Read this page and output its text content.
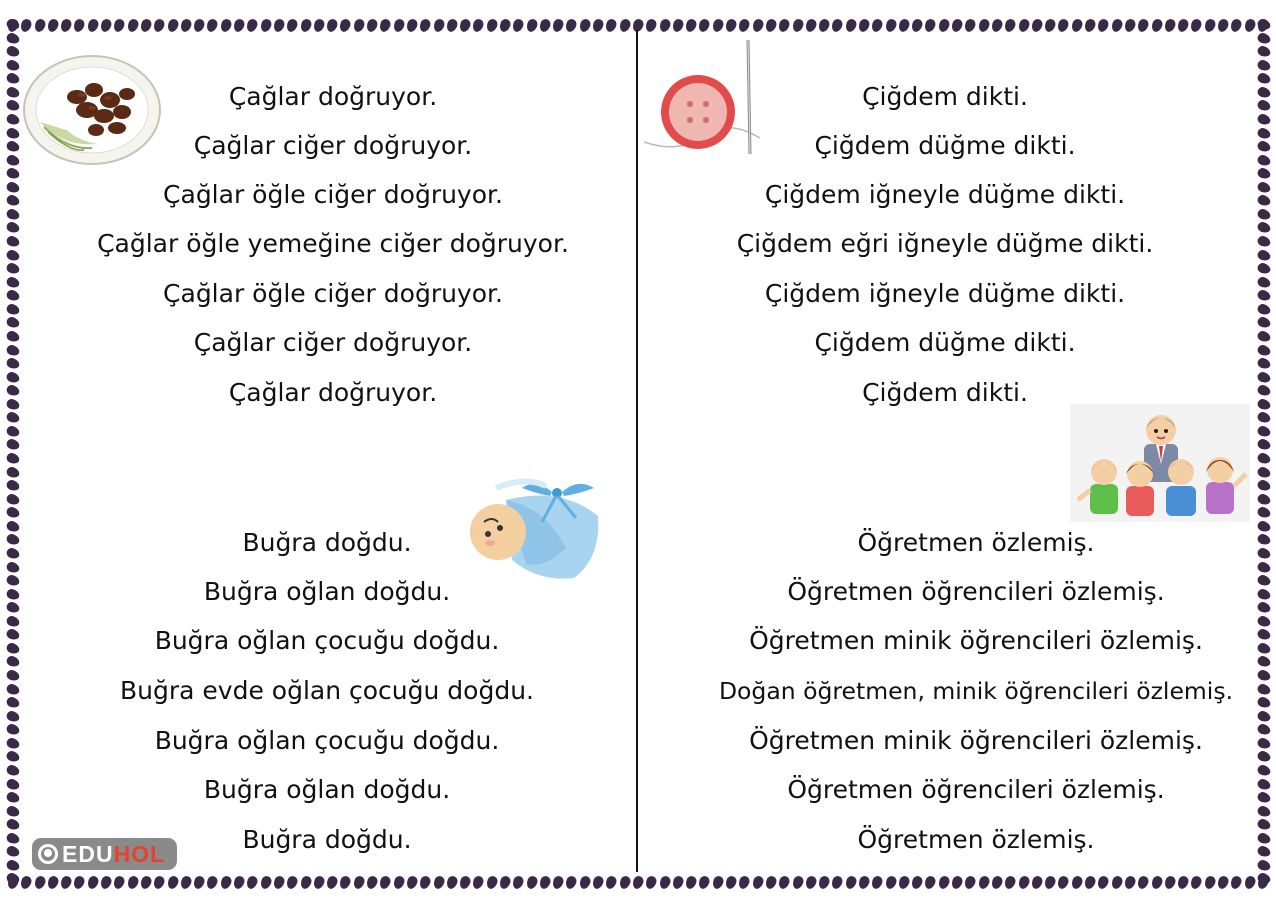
Çağlar doğruyor.
Çağlar ciğer doğruyor.
Çağlar öğle ciğer doğruyor.
Çağlar öğle yemeğine ciğer doğruyor.
Çağlar öğle ciğer doğruyor.
Çağlar ciğer doğruyor.
Çağlar doğruyor.
Çiğdem dikti.
Çiğdem düğme dikti.
Çiğdem iğneyle düğme dikti.
Çiğdem eğri iğneyle düğme dikti.
Çiğdem iğneyle düğme dikti.
Çiğdem düğme dikti.
Çiğdem dikti.
Buğra doğdu.
Buğra oğlan doğdu.
Buğra oğlan çocuğu doğdu.
Buğra evde oğlan çocuğu doğdu.
Buğra oğlan çocuğu doğdu.
Buğra oğlan doğdu.
Buğra doğdu.
Öğretmen özlemiş.
Öğretmen öğrencileri özlemiş.
Öğretmen minik öğrencileri özlemiş.
Doğan öğretmen, minik öğrencileri özlemiş.
Öğretmen minik öğrencileri özlemiş.
Öğretmen öğrencileri özlemiş.
Öğretmen özlemiş.
EDUHOL
